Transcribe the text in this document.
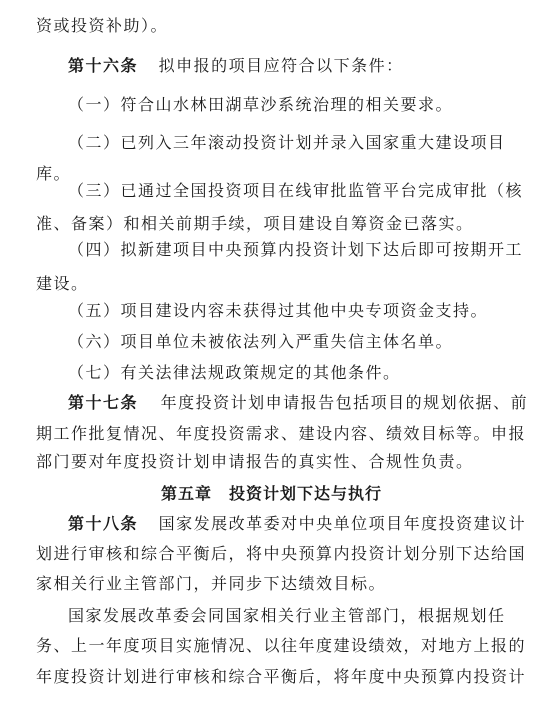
资或投资补助）。
第十六条 拟申报的项目应符合以下条件：
（一）符合山水林田湖草沙系统治理的相关要求。
（二）已列入三年滚动投资计划并录入国家重大建设项目
库。
（三）已通过全国投资项目在线审批监管平台完成审批（核
准、备案）和相关前期手续，项目建设自筹资金已落实。
（四）拟新建项目中央预算内投资计划下达后即可按期开工
建设。
（五）项目建设内容未获得过其他中央专项资金支持。
（六）项目单位未被依法列入严重失信主体名单。
（七）有关法律法规政策规定的其他条件。
第十七条 年度投资计划申请报告包括项目的规划依据、前
期工作批复情况、年度投资需求、建设内容、绩效目标等。申报
部门要对年度投资计划申请报告的真实性、合规性负责。
第五章　投资计划下达与执行
第十八条 国家发展改革委对中央单位项目年度投资建议计
划进行审核和综合平衡后，将中央预算内投资计划分别下达给国
家相关行业主管部门，并同步下达绩效目标。
国家发展改革委会同国家相关行业主管部门，根据规划任
务、上一年度项目实施情况、以往年度建设绩效，对地方上报的
年度投资计划进行审核和综合平衡后，将年度中央预算内投资计
